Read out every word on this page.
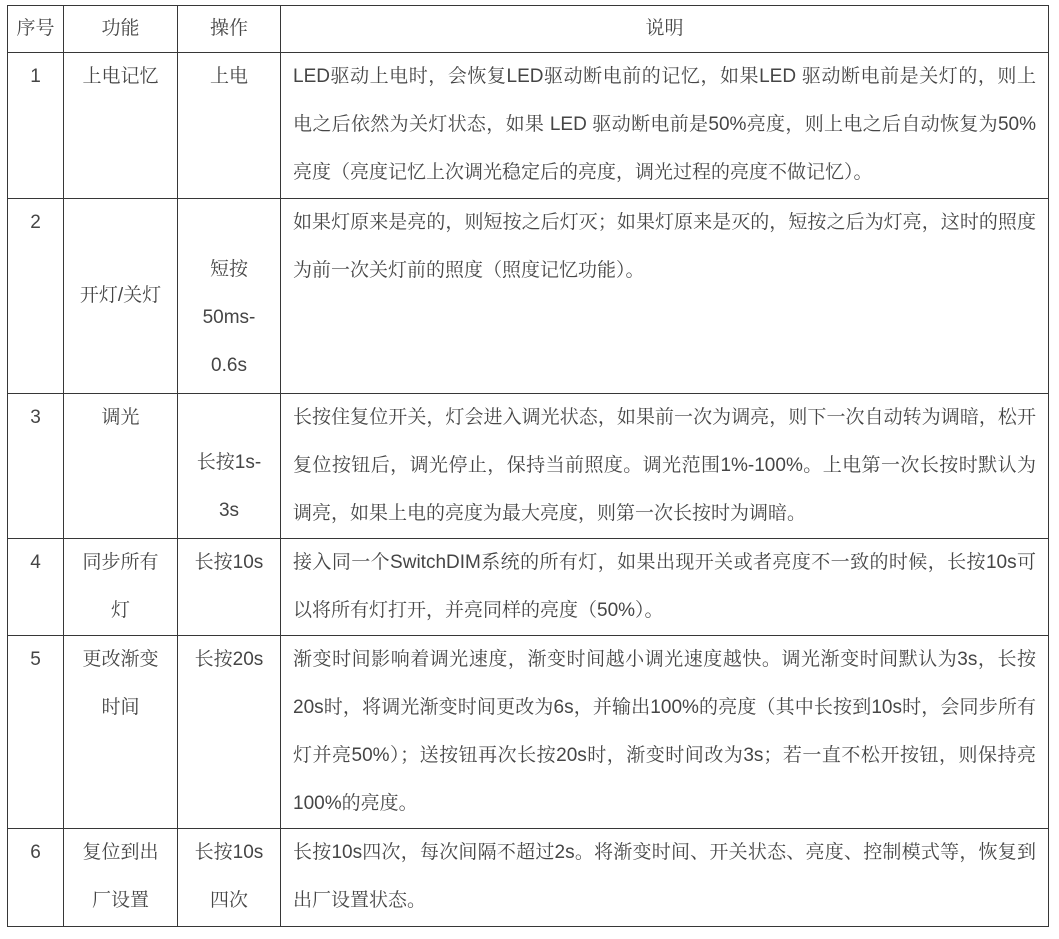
序号	功能	操作	说明
1	上电记忆	上电	LED驱动上电时，会恢复LED驱动断电前的记忆，如果LED 驱动断电前是关灯的，则上电之后依然为关灯状态，如果 LED 驱动断电前是50%亮度，则上电之后自动恢复为50% 亮度（亮度记忆上次调光稳定后的亮度，调光过程的亮度不做记忆）。
2	开灯/关灯	短按 50ms-0.6s	如果灯原来是亮的，则短按之后灯灭；如果灯原来是灭的，短按之后为灯亮，这时的照度为前一次关灯前的照度（照度记忆功能）。
3	调光	长按1s-3s	长按住复位开关，灯会进入调光状态，如果前一次为调亮，则下一次自动转为调暗，松开复位按钮后，调光停止，保持当前照度。调光范围1%-100%。上电第一次长按时默认为调亮，如果上电的亮度为最大亮度，则第一次长按时为调暗。
4	同步所有灯	长按10s	接入同一个SwitchDIM系统的所有灯，如果出现开关或者亮度不一致的时候，长按10s可以将所有灯打开，并亮同样的亮度（50%）。
5	更改渐变时间	长按20s	渐变时间影响着调光速度，渐变时间越小调光速度越快。调光渐变时间默认为3s，长按20s时，将调光渐变时间更改为6s，并输出100%的亮度（其中长按到10s时，会同步所有灯并亮50%）；送按钮再次长按20s时，渐变时间改为3s；若一直不松开按钮，则保持亮100%的亮度。
6	复位到出厂设置	长按10s四次	长按10s四次，每次间隔不超过2s。将渐变时间、开关状态、亮度、控制模式等，恢复到出厂设置状态。
